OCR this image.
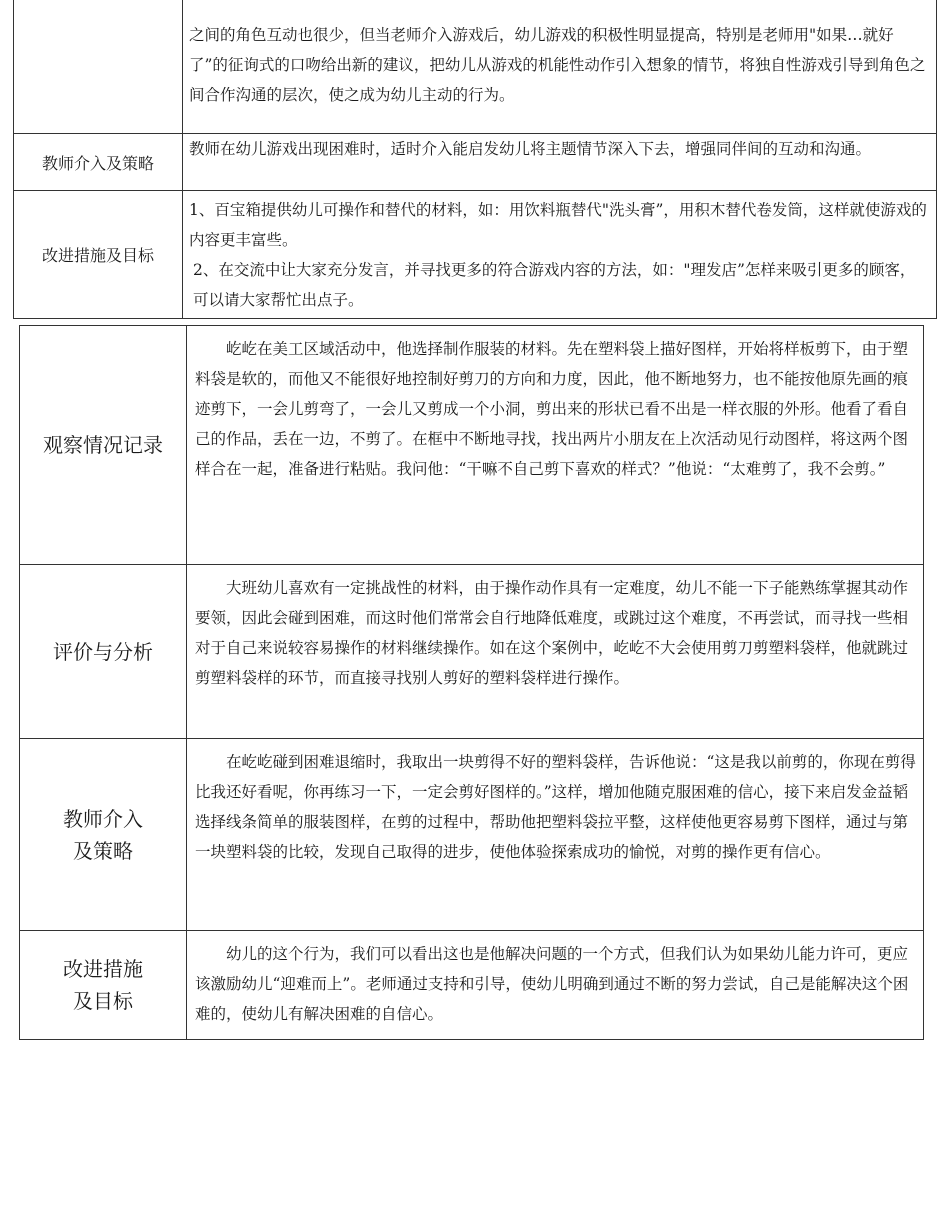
	之间的角色互动也很少，但当老师介入游戏后，幼儿游戏的积极性明显提高，特别是老师用"如果…就好了”的征询式的口吻给出新的建议，把幼儿从游戏的机能性动作引入想象的情节，将独自性游戏引导到角色之间合作沟通的层次，使之成为幼儿主动的行为。

教师介入及策略	教师在幼儿游戏出现困难时，适时介入能启发幼儿将主题情节深入下去，增强同伴间的互动和沟通。

改进措施及目标	1、百宝箱提供幼儿可操作和替代的材料，如：用饮料瓶替代"洗头膏”，用积木替代卷发筒，这样就使游戏的内容更丰富些。

2、在交流中让大家充分发言，并寻找更多的符合游戏内容的方法，如："理发店”怎样来吸引更多的顾客，可以请大家帮忙出点子。

观察情况记录	屹屹在美工区域活动中，他选择制作服装的材料。先在塑料袋上描好图样，开始将样板剪下，由于塑料袋是软的，而他又不能很好地控制好剪刀的方向和力度，因此，他不断地努力，也不能按他原先画的痕迹剪下，一会儿剪弯了，一会儿又剪成一个小洞，剪出来的形状已看不出是一样衣服的外形。他看了看自己的作品，丢在一边，不剪了。在框中不断地寻找，找出两片小朋友在上次活动见行动图样，将这两个图样合在一起，准备进行粘贴。我问他：“干嘛不自己剪下喜欢的样式？”他说：“太难剪了，我不会剪。”
评价与分析	大班幼儿喜欢有一定挑战性的材料，由于操作动作具有一定难度，幼儿不能一下子能熟练掌握其动作要领，因此会碰到困难，而这时他们常常会自行地降低难度，或跳过这个难度，不再尝试，而寻找一些相对于自己来说较容易操作的材料继续操作。如在这个案例中，屹屹不大会使用剪刀剪塑料袋样，他就跳过剪塑料袋样的环节，而直接寻找别人剪好的塑料袋样进行操作。

教师介入
及策略	在屹屹碰到困难退缩时，我取出一块剪得不好的塑料袋样，告诉他说：“这是我以前剪的，你现在剪得比我还好看呢，你再练习一下，一定会剪好图样的。”这样，增加他随克服困难的信心，接下来启发金益韬选择线条简单的服装图样，在剪的过程中，帮助他把塑料袋拉平整，这样使他更容易剪下图样，通过与第一块塑料袋的比较，发现自己取得的进步，使他体验探索成功的愉悦，对剪的操作更有信心。

改进措施
及目标	幼儿的这个行为，我们可以看出这也是他解决问题的一个方式，但我们认为如果幼儿能力许可，更应该激励幼儿“迎难而上”。老师通过支持和引导，使幼儿明确到通过不断的努力尝试，自己是能解决这个困难的，使幼儿有解决困难的自信心。
